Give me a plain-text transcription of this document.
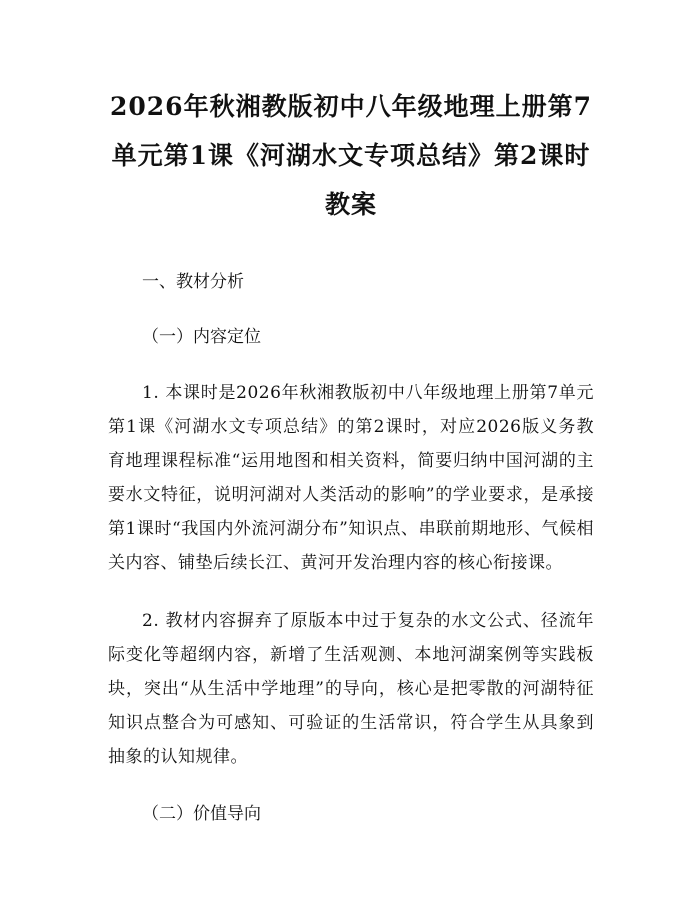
2026年秋湘教版初中八年级地理上册第7单元第1课《河湖水文专项总结》第2课时教案

一、教材分析

（一）内容定位

1. 本课时是2026年秋湘教版初中八年级地理上册第7单元第1课《河湖水文专项总结》的第2课时，对应2026版义务教育地理课程标准“运用地图和相关资料，简要归纳中国河湖的主要水文特征，说明河湖对人类活动的影响”的学业要求，是承接第1课时“我国内外流河湖分布”知识点、串联前期地形、气候相关内容、铺垫后续长江、黄河开发治理内容的核心衔接课。

2. 教材内容摒弃了原版本中过于复杂的水文公式、径流年际变化等超纲内容，新增了生活观测、本地河湖案例等实践板块，突出“从生活中学地理”的导向，核心是把零散的河湖特征知识点整合为可感知、可验证的生活常识，符合学生从具象到抽象的认知规律。

（二）价值导向
